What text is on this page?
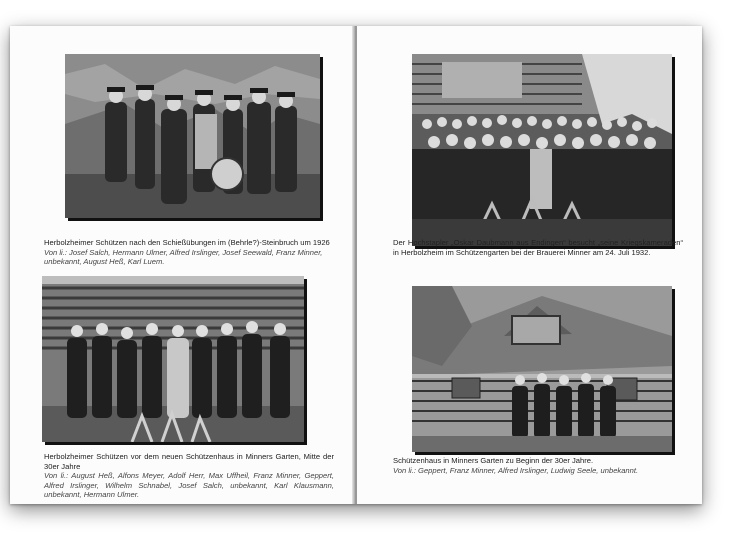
Herbolzheimer Schützen nach den Schießübungen im (Behrle?)-Steinbruch um 1926
Von li.: Josef Salch, Hermann Ulmer, Alfred Irslinger, Josef Seewald, Franz Minner, unbekannt, August Heß, Karl Luem.
Herbolzheimer Schützen vor dem neuen Schützenhaus in Minners Garten, Mitte der 30er Jahre
Von li.: August Heß, Alfons Meyer, Adolf Herr, Max Uffheil, Franz Minner, Geppert, Alfred Irslinger, Wilhelm Schnabel, Josef Salch, unbekannt, Karl Klausmann, unbekannt, Hermann Ulmer.
Der Hochstapler „Oskar Daubmann aus Endingen“ besucht „seine Kriegskameraden“ in Herbolzheim im Schützengarten bei der Brauerei Minner am 24. Juli 1932.
Schützenhaus in Minners Garten zu Beginn der 30er Jahre.
Von li.: Geppert, Franz Minner, Alfred Irslinger, Ludwig Seele, unbekannt.
